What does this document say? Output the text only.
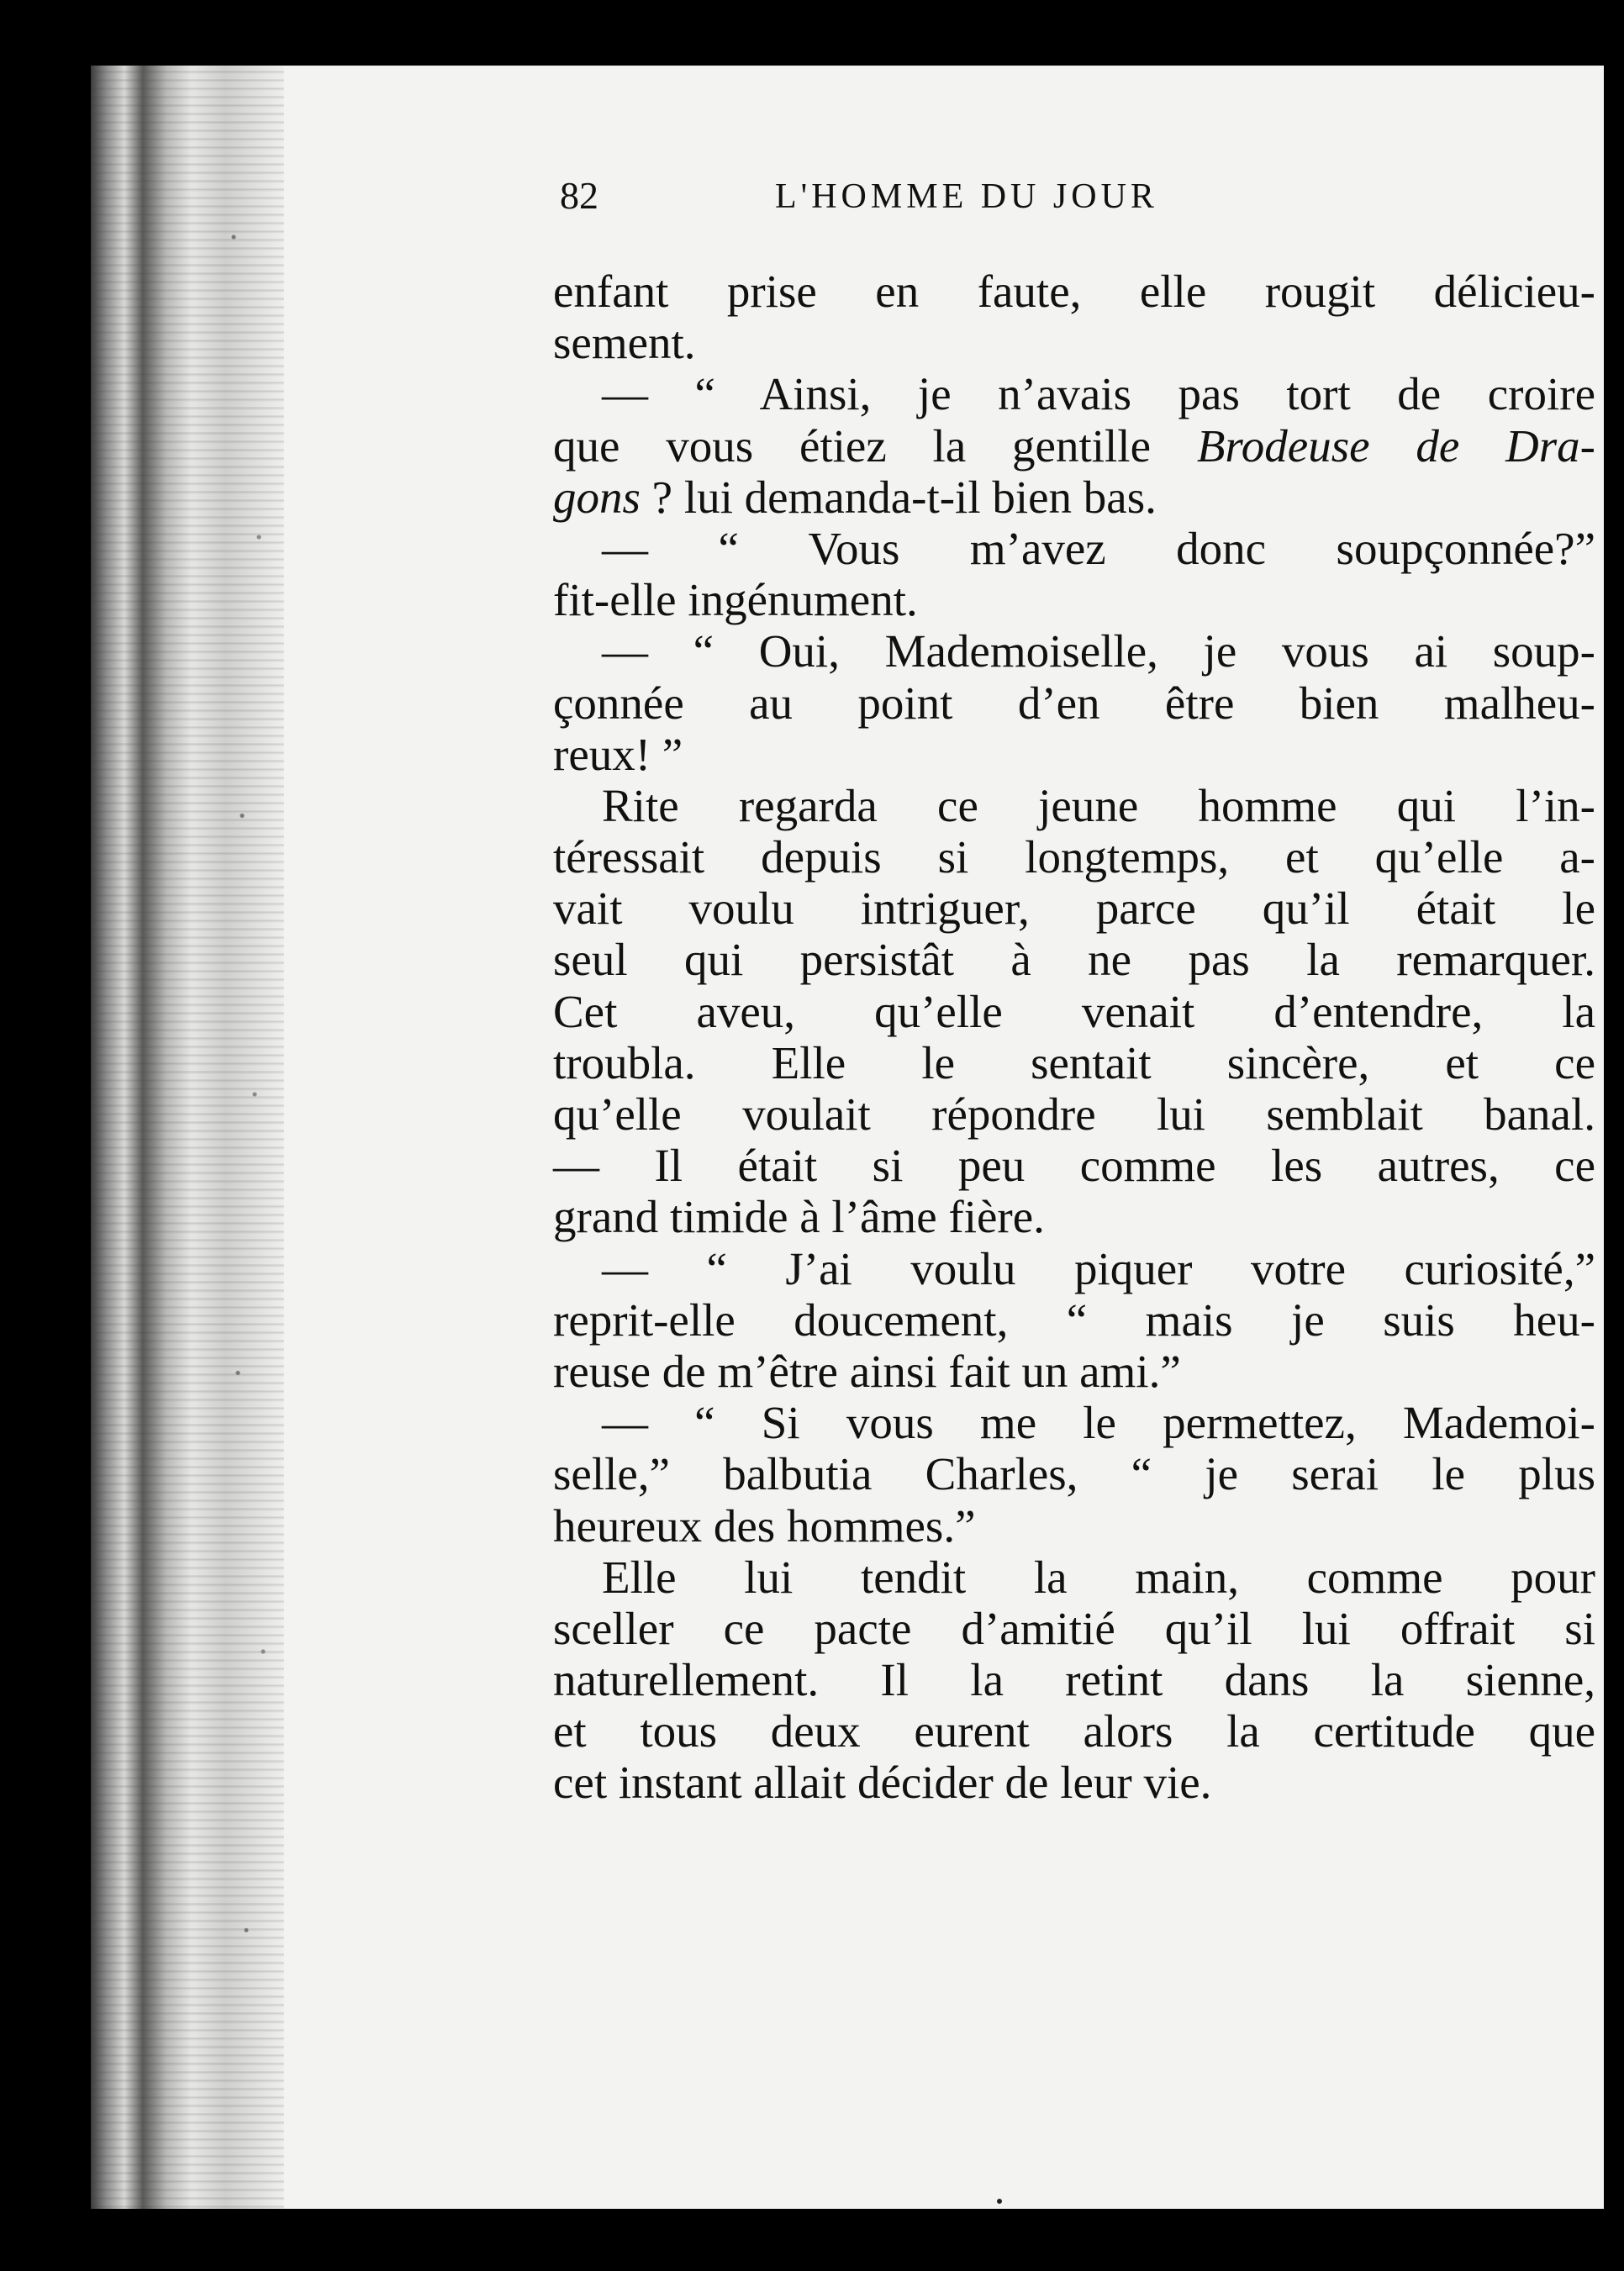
82	L'HOMME DU JOUR
enfant prise en faute, elle rougit délicieu-
sement.
— “ Ainsi, je n’avais pas tort de croire
que vous étiez la gentille Brodeuse de Dra-
gons ? lui demanda-t-il bien bas.
— “ Vous m’avez donc soupçonnée?”
fit-elle ingénument.
— “ Oui, Mademoiselle, je vous ai soup-
çonnée au point d’en être bien malheu-
reux! ”
Rite regarda ce jeune homme qui l’in-
téressait depuis si longtemps, et qu’elle a-
vait voulu intriguer, parce qu’il était le
seul qui persistât à ne pas la remarquer.
Cet aveu, qu’elle venait d’entendre, la
troubla. Elle le sentait sincère, et ce
qu’elle voulait répondre lui semblait banal.
— Il était si peu comme les autres, ce
grand timide à l’âme fière.
— “ J’ai voulu piquer votre curiosité,”
reprit-elle doucement, “ mais je suis heu-
reuse de m’être ainsi fait un ami.”
— “ Si vous me le permettez, Mademoi-
selle,” balbutia Charles, “ je serai le plus
heureux des hommes.”
Elle lui tendit la main, comme pour
sceller ce pacte d’amitié qu’il lui offrait si
naturellement. Il la retint dans la sienne,
et tous deux eurent alors la certitude que
cet instant allait décider de leur vie.
